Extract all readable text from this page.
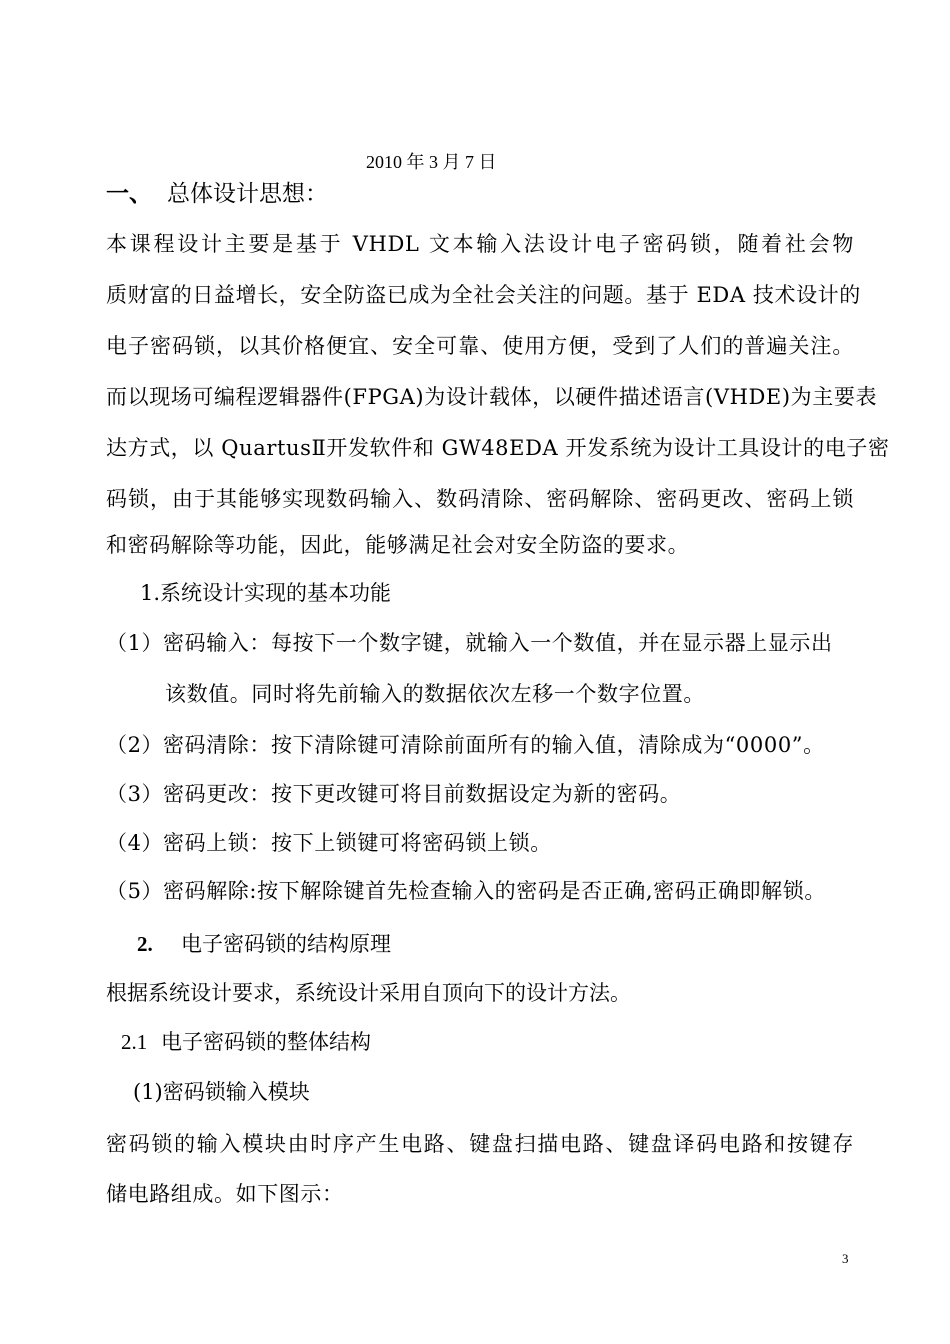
2010 年 3 月 7 日
一、 总体设计思想：
本课程设计主要是基于 VHDL 文本输入法设计电子密码锁，随着社会物
质财富的日益增长，安全防盗已成为全社会关注的问题。基于 EDA 技术设计的
电子密码锁，以其价格便宜、安全可靠、使用方便，受到了人们的普遍关注。
而以现场可编程逻辑器件(FPGA)为设计载体，以硬件描述语言(VHDE)为主要表
达方式，以 QuartusⅡ开发软件和 GW48EDA 开发系统为设计工具设计的电子密
码锁，由于其能够实现数码输入、数码清除、密码解除、密码更改、密码上锁
和密码解除等功能，因此，能够满足社会对安全防盗的要求。
1.系统设计实现的基本功能
（1）密码输入：每按下一个数字键，就输入一个数值，并在显示器上显示出
该数值。同时将先前输入的数据依次左移一个数字位置。
（2）密码清除：按下清除键可清除前面所有的输入值，清除成为“0000”。
（3）密码更改：按下更改键可将目前数据设定为新的密码。
（4）密码上锁：按下上锁键可将密码锁上锁。
（5）密码解除:按下解除键首先检查输入的密码是否正确,密码正确即解锁。
2. 电子密码锁的结构原理
根据系统设计要求，系统设计采用自顶向下的设计方法。
2.1 电子密码锁的整体结构
(1)密码锁输入模块
密码锁的输入模块由时序产生电路、键盘扫描电路、键盘译码电路和按键存
储电路组成。如下图示：
3
